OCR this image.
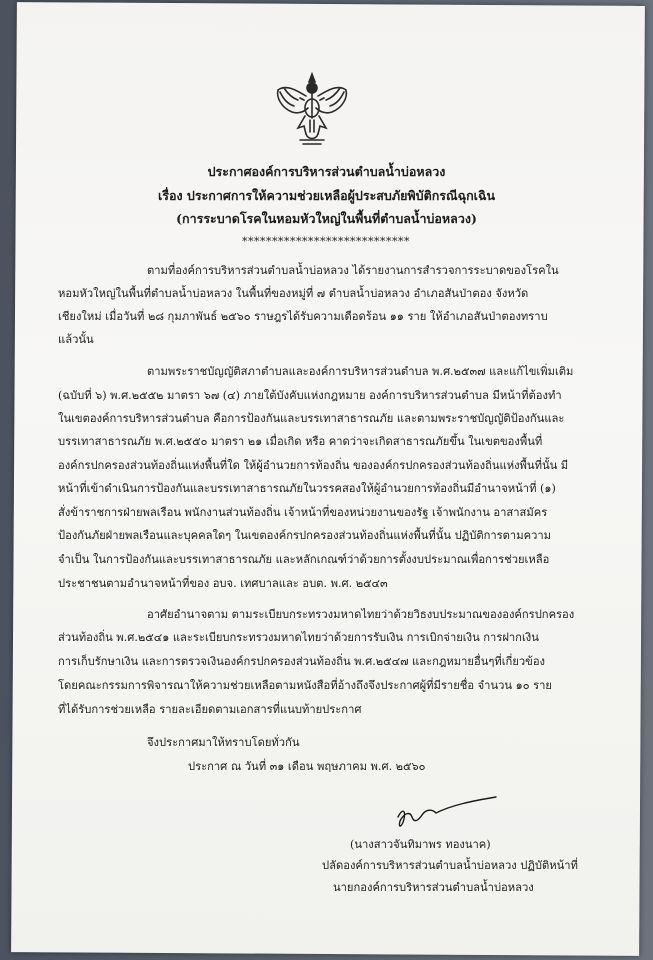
ประกาศองค์การบริหารส่วนตำบลน้ำบ่อหลวง
เรื่อง ประกาศการให้ความช่วยเหลือผู้ประสบภัยพิบัติกรณีฉุกเฉิน
(การระบาดโรคในหอมหัวใหญ่ในพื้นที่ตำบลน้ำบ่อหลวง)
****************************
ตามที่องค์การบริหารส่วนตำบลน้ำบ่อหลวง ได้รายงานการสำรวจการระบาดของโรคใน
หอมหัวใหญ่ในพื้นที่ตำบลน้ำบ่อหลวง ในพื้นที่ของหมู่ที่ ๗ ตำบลน้ำบ่อหลวง อำเภอสันป่าตอง จังหวัด
เชียงใหม่ เมื่อวันที่ ๒๘ กุมภาพันธ์ ๒๕๖๐ ราษฎรได้รับความเดือดร้อน ๑๑ ราย ให้อำเภอสันป่าตองทราบ
แล้วนั้น
ตามพระราชบัญญัติสภาตำบลและองค์การบริหารส่วนตำบล พ.ศ.๒๕๓๗ และแก้ไขเพิ่มเติม
(ฉบับที่ ๖) พ.ศ.๒๕๕๒ มาตรา ๖๗ (๔) ภายใต้บังคับแห่งกฎหมาย องค์การบริหารส่วนตำบล มีหน้าที่ต้องทำ
ในเขตองค์การบริหารส่วนตำบล คือการป้องกันและบรรเทาสาธารณภัย และตามพระราชบัญญัติป้องกันและ
บรรเทาสาธารณภัย พ.ศ.๒๕๕๐ มาตรา ๒๑ เมื่อเกิด หรือ คาดว่าจะเกิดสาธารณภัยขึ้น ในเขตของพื้นที่
องค์กรปกครองส่วนท้องถิ่นแห่งพื้นที่ใด ให้ผู้อำนวยการท้องถิ่น ขององค์กรปกครองส่วนท้องถิ่นแห่งพื้นที่นั้น มี
หน้าที่เข้าดำเนินการป้องกันและบรรเทาสาธารณภัยในวรรคสองให้ผู้อำนวยการท้องถิ่นมีอำนาจหน้าที่ (๑)
สั่งข้าราชการฝ่ายพลเรือน พนักงานส่วนท้องถิ่น เจ้าหน้าที่ของหน่วยงานของรัฐ เจ้าพนักงาน อาสาสมัคร
ป้องกันภัยฝ่ายพลเรือนและบุคคลใดๆ ในเขตองค์กรปกครองส่วนท้องถิ่นแห่งพื้นที่นั้น ปฏิบัติการตามความ
จำเป็น ในการป้องกันและบรรเทาสาธารณภัย และหลักเกณฑ์ว่าด้วยการตั้งงบประมาณเพื่อการช่วยเหลือ
ประชาชนตามอำนาจหน้าที่ของ อบจ. เทศบาลและ อบต. พ.ศ. ๒๕๔๓
อาศัยอำนาจตาม ตามระเบียบกระทรวงมหาดไทยว่าด้วยวิธงบประมาณขององค์กรปกครอง
ส่วนท้องถิ่น พ.ศ.๒๕๔๑ และระเบียบกระทรวงมหาดไทยว่าด้วยการรับเงิน การเบิกจ่ายเงิน การฝากเงิน
การเก็บรักษาเงิน และการตรวจเงินองค์กรปกครองส่วนท้องถิ่น พ.ศ.๒๕๔๗ และกฎหมายอื่นๆที่เกี่ยวข้อง
โดยคณะกรรมการพิจารณาให้ความช่วยเหลือตามหนังสือที่อ้างถึงจึงประกาศผู้ที่มีรายชื่อ จำนวน ๑๐ ราย
ที่ได้รับการช่วยเหลือ รายละเอียดตามเอกสารที่แนบท้ายประกาศ
จึงประกาศมาให้ทราบโดยทั่วกัน
ประกาศ ณ วันที่ ๓๑ เดือน พฤษภาคม พ.ศ. ๒๕๖๐
(นางสาวจันทิมาพร ทองนาค)
ปลัดองค์การบริหารส่วนตำบลน้ำบ่อหลวง ปฏิบัติหน้าที่
นายกองค์การบริหารส่วนตำบลน้ำบ่อหลวง
